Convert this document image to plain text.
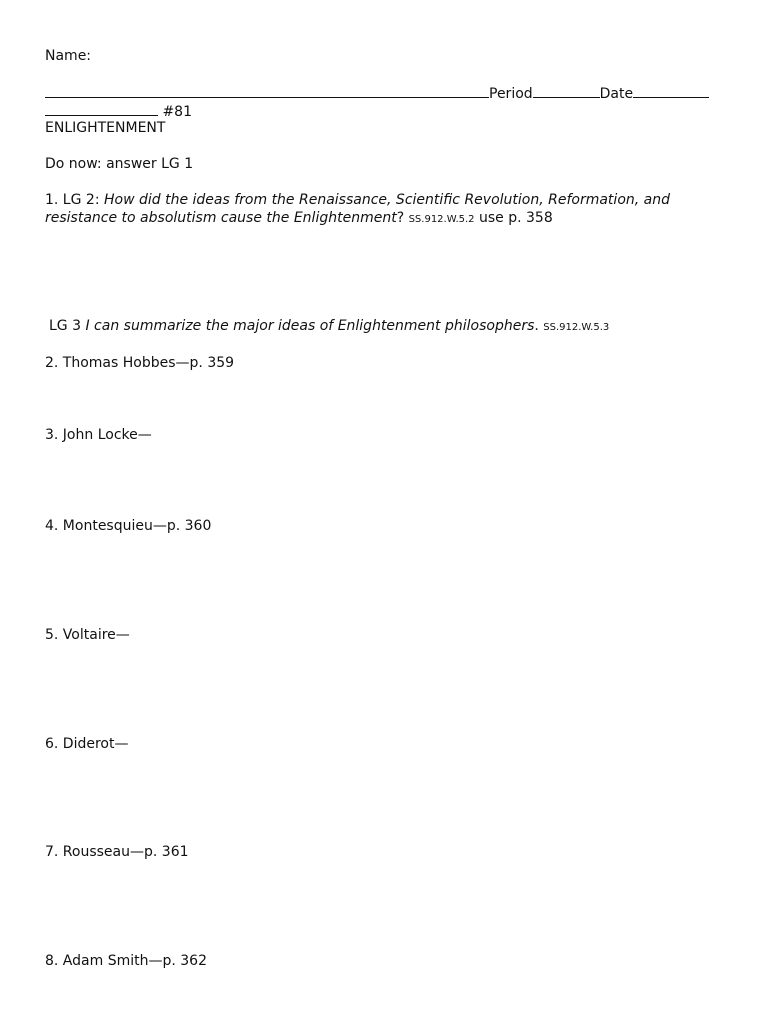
Name:
Period	Date
#81
ENLIGHTENMENT
Do now: answer LG 1
1. LG 2: How did the ideas from the Renaissance, Scientific Revolution, Reformation, and
resistance to absolutism cause the Enlightenment? SS.912.W.5.2 use p. 358
LG 3 I can summarize the major ideas of Enlightenment philosophers. SS.912.W.5.3
2. Thomas Hobbes—p. 359
3. John Locke—
4. Montesquieu—p. 360
5. Voltaire—
6. Diderot—
7. Rousseau—p. 361
8. Adam Smith—p. 362
